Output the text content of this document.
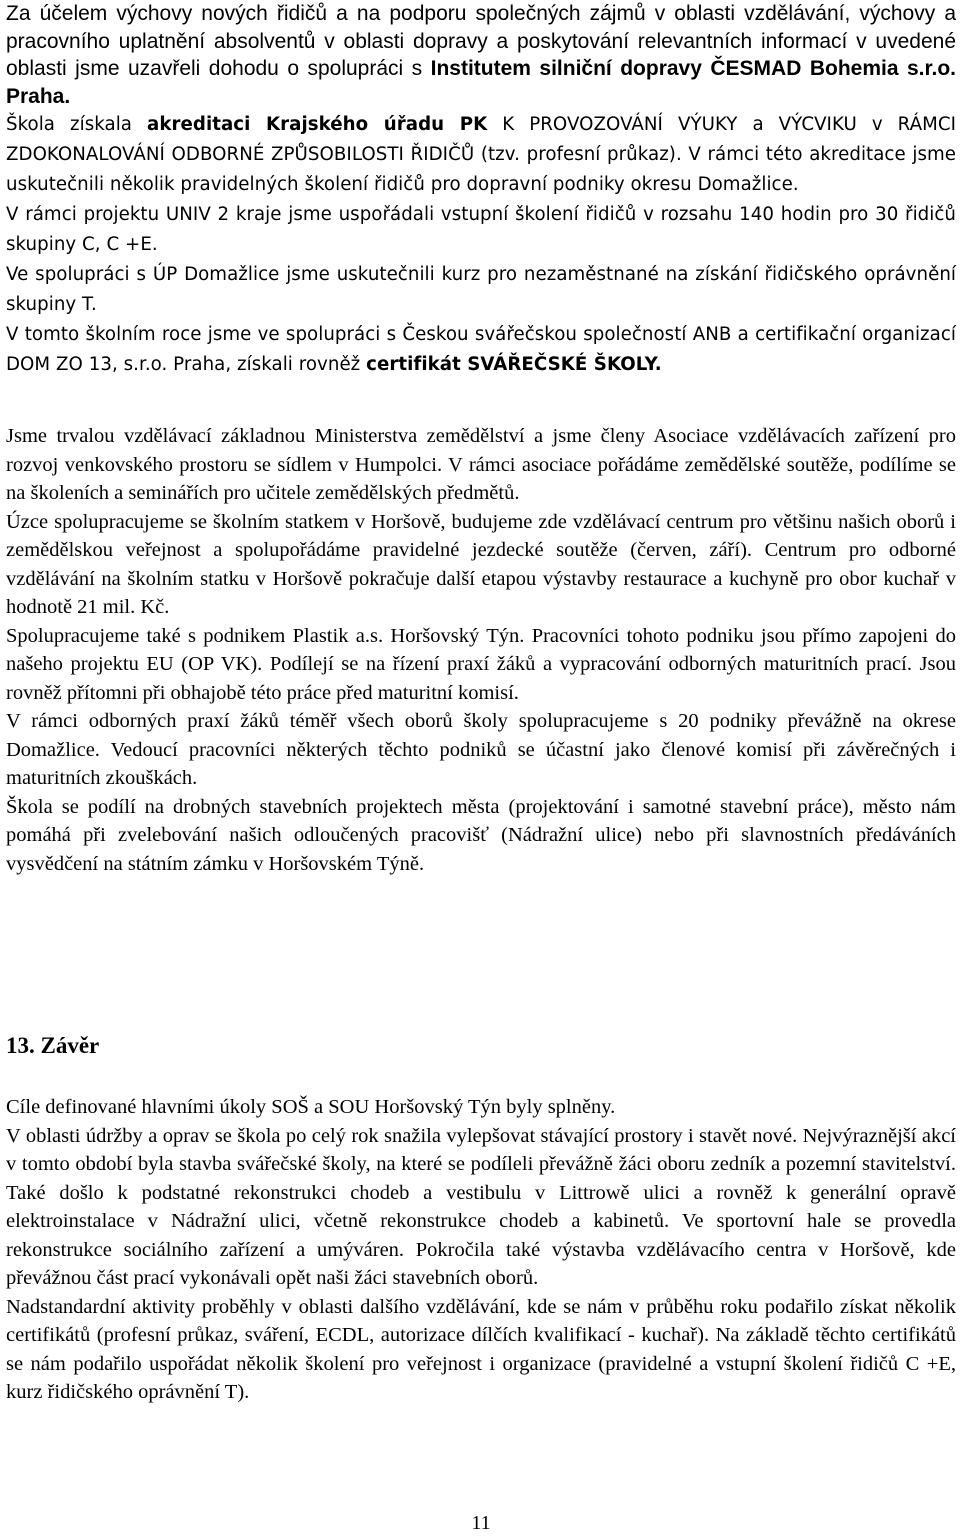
Za účelem výchovy nových řidičů a na podporu společných zájmů v oblasti vzdělávání, výchovy a pracovního uplatnění absolventů v oblasti dopravy a poskytování relevantních informací v uvedené oblasti jsme uzavřeli dohodu o spolupráci s Institutem silniční dopravy ČESMAD Bohemia s.r.o. Praha.

Škola získala akreditaci Krajského úřadu PK K PROVOZOVÁNÍ VÝUKY a VÝCVIKU v RÁMCI ZDOKONALOVÁNÍ ODBORNÉ ZPŮSOBILOSTI ŘIDIČŮ (tzv. profesní průkaz). V rámci této akreditace jsme uskutečnili několik pravidelných školení řidičů pro dopravní podniky okresu Domažlice.

V rámci projektu UNIV 2 kraje jsme uspořádali vstupní školení řidičů v rozsahu 140 hodin pro 30 řidičů skupiny C, C +E.

Ve spolupráci s ÚP Domažlice jsme uskutečnili kurz pro nezaměstnané na získání řidičského oprávnění skupiny T.

V tomto školním roce jsme ve spolupráci s Českou svářečskou společností ANB a certifikační organizací DOM ZO 13, s.r.o. Praha, získali rovněž certifikát SVÁŘEČSKÉ ŠKOLY.

Jsme trvalou vzdělávací základnou Ministerstva zemědělství a jsme členy Asociace vzdělávacích zařízení pro rozvoj venkovského prostoru se sídlem v Humpolci. V rámci asociace pořádáme zemědělské soutěže, podílíme se na školeních a seminářích pro učitele zemědělských předmětů.

Úzce spolupracujeme se školním statkem v Horšově, budujeme zde vzdělávací centrum pro většinu našich oborů i zemědělskou veřejnost a spolupořádáme pravidelné jezdecké soutěže (červen, září). Centrum pro odborné vzdělávání na školním statku v Horšově pokračuje další etapou výstavby restaurace a kuchyně pro obor kuchař v hodnotě 21 mil. Kč.

Spolupracujeme také s podnikem Plastik a.s. Horšovský Týn. Pracovníci tohoto podniku jsou přímo zapojeni do našeho projektu EU (OP VK). Podílejí se na řízení praxí žáků a vypracování odborných maturitních prací. Jsou rovněž přítomni při obhajobě této práce před maturitní komisí.

V rámci odborných praxí žáků téměř všech oborů školy spolupracujeme s 20 podniky převážně na okrese Domažlice. Vedoucí pracovníci některých těchto podniků se účastní jako členové komisí při závěrečných i maturitních zkouškách.

Škola se podílí na drobných stavebních projektech města (projektování i samotné stavební práce), město nám pomáhá při zvelebování našich odloučených pracovišť (Nádražní ulice) nebo při slavnostních předáváních vysvědčení na státním zámku v Horšovském Týně.

13. Závěr

Cíle definované hlavními úkoly SOŠ a SOU Horšovský Týn byly splněny.

V oblasti údržby a oprav se škola po celý rok snažila vylepšovat stávající prostory i stavět nové. Nejvýraznější akcí v tomto období byla stavba svářečské školy, na které se podíleli převážně žáci oboru zedník a pozemní stavitelství. Také došlo k podstatné rekonstrukci chodeb a vestibulu v Littrowě ulici a rovněž k generální opravě elektroinstalace v Nádražní ulici, včetně rekonstrukce chodeb a kabinetů. Ve sportovní hale se provedla rekonstrukce sociálního zařízení a umýváren. Pokročila také výstavba vzdělávacího centra v Horšově, kde převážnou část prací vykonávali opět naši žáci stavebních oborů.

Nadstandardní aktivity proběhly v oblasti dalšího vzdělávání, kde se nám v průběhu roku podařilo získat několik certifikátů (profesní průkaz, sváření, ECDL, autorizace dílčích kvalifikací - kuchař). Na základě těchto certifikátů se nám podařilo uspořádat několik školení pro veřejnost i organizace (pravidelné a vstupní školení řidičů C +E, kurz řidičského oprávnění T).

11
